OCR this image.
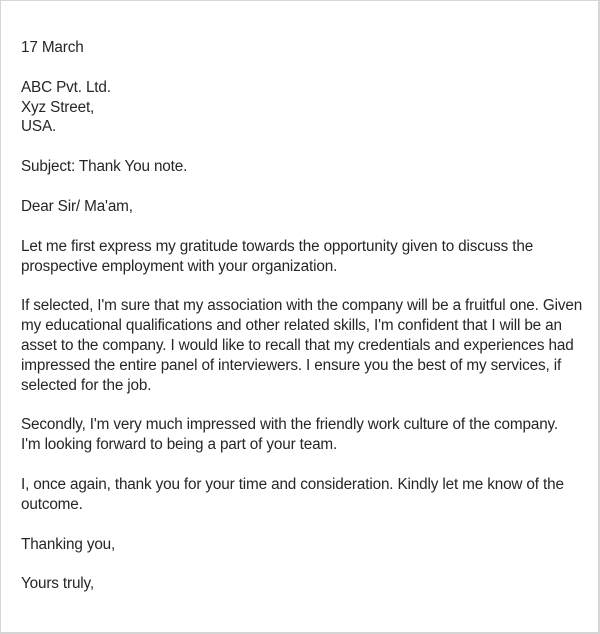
17 March
ABC Pvt. Ltd.
Xyz Street,
USA.
Subject: Thank You note.
Dear Sir/ Ma'am,
Let me first express my gratitude towards the opportunity given to discuss the
prospective employment with your organization.
If selected, I'm sure that my association with the company will be a fruitful one. Given
my educational qualifications and other related skills, I'm confident that I will be an
asset to the company. I would like to recall that my credentials and experiences had
impressed the entire panel of interviewers. I ensure you the best of my services, if
selected for the job.
Secondly, I'm very much impressed with the friendly work culture of the company.
I'm looking forward to being a part of your team.
I, once again, thank you for your time and consideration. Kindly let me know of the
outcome.
Thanking you,
Yours truly,
